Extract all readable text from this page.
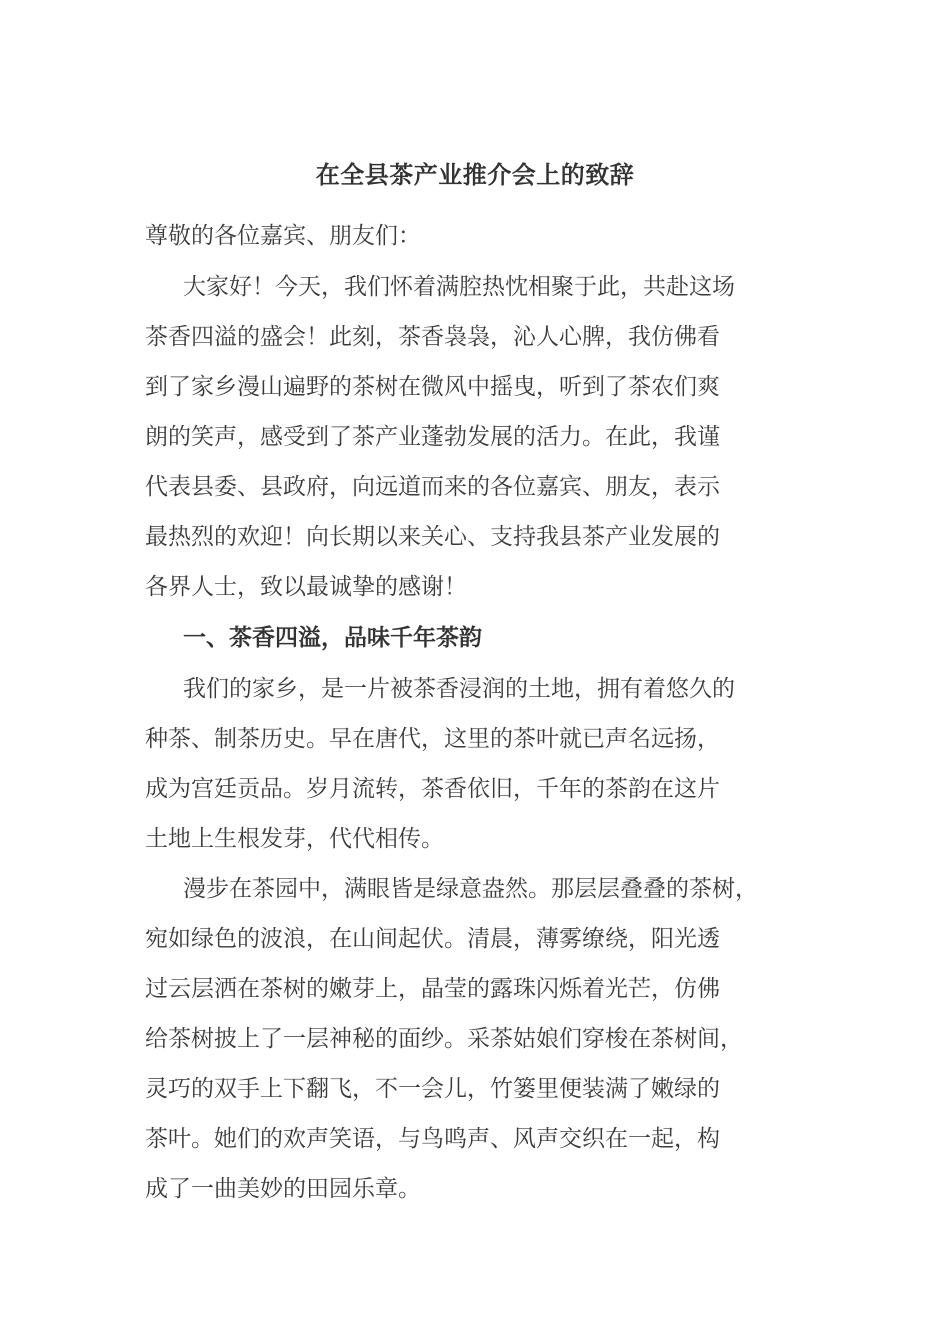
在全县茶产业推介会上的致辞
尊敬的各位嘉宾、朋友们：
大家好！今天，我们怀着满腔热忱相聚于此，共赴这场
茶香四溢的盛会！此刻，茶香袅袅，沁人心脾，我仿佛看
到了家乡漫山遍野的茶树在微风中摇曳，听到了茶农们爽
朗的笑声，感受到了茶产业蓬勃发展的活力。在此，我谨
代表县委、县政府，向远道而来的各位嘉宾、朋友，表示
最热烈的欢迎！向长期以来关心、支持我县茶产业发展的
各界人士，致以最诚挚的感谢！
一、茶香四溢，品味千年茶韵
我们的家乡，是一片被茶香浸润的土地，拥有着悠久的
种茶、制茶历史。早在唐代，这里的茶叶就已声名远扬，
成为宫廷贡品。岁月流转，茶香依旧，千年的茶韵在这片
土地上生根发芽，代代相传。
漫步在茶园中，满眼皆是绿意盎然。那层层叠叠的茶树，
宛如绿色的波浪，在山间起伏。清晨，薄雾缭绕，阳光透
过云层洒在茶树的嫩芽上，晶莹的露珠闪烁着光芒，仿佛
给茶树披上了一层神秘的面纱。采茶姑娘们穿梭在茶树间，
灵巧的双手上下翻飞，不一会儿，竹篓里便装满了嫩绿的
茶叶。她们的欢声笑语，与鸟鸣声、风声交织在一起，构
成了一曲美妙的田园乐章。
